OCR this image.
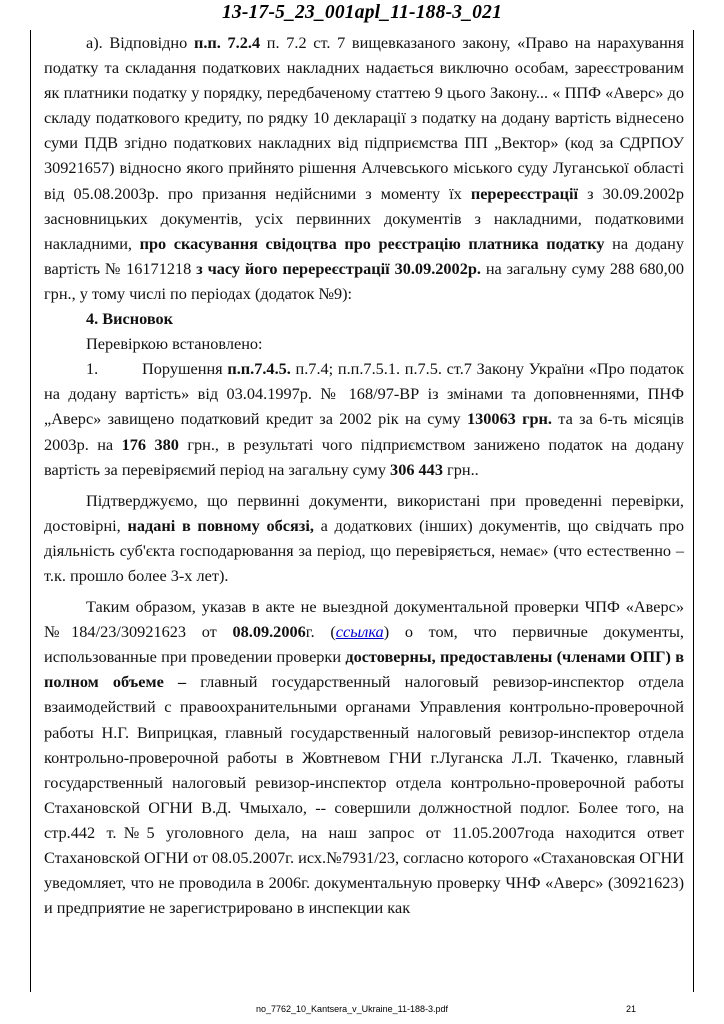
13-17-5_23_001apl_11-188-3_021

а). Відповідно п.п. 7.2.4 п. 7.2 ст. 7 вищевказаного закону, «Право на нарахування податку та складання податкових накладних надається виключно особам, зареєстрованим як платники податку у порядку, передбаченому статтею 9 цього Закону... « ППФ «Аверс» до складу податкового кредиту, по рядку 10 декларації з податку на додану вартість віднесено суми ПДВ згідно податкових накладних від підприємства ПП „Вектор» (код за СДРПОУ 30921657) відносно якого прийнято рішення Алчевського міського суду Луганської області від 05.08.2003р. про призання недійсними з моменту їх перереєстрації з 30.09.2002р засновницьких документів, усіх первинних документів з накладними, податковими накладними, про скасування свідоцтва про реєстрацію платника податку на додану вартість № 16171218 з часу його перереєстрації 30.09.2002р. на загальну суму 288 680,00 грн., у тому числі по періодах (додаток №9):

4. Висновок

Перевіркою встановлено:

1.	Порушення п.п.7.4.5. п.7.4; п.п.7.5.1. п.7.5. ст.7 Закону України «Про податок на додану вартість» від 03.04.1997р. № 168/97-ВР із змінами та доповненнями, ПНФ „Аверс» завищено податковий кредит за 2002 рік на суму 130063 грн. та за 6-ть місяців 2003р. на 176 380 грн., в результаті чого підприємством занижено податок на додану вартість за перевіряємий період на загальну суму 306 443 грн..

Підтверджуємо, що первинні документи, використані при проведенні перевірки, достовірні, надані в повному обсязі, а додаткових (інших) документів, що свідчать про діяльність суб'єкта господарювання за період, що перевіряється, немає» (что естественно – т.к. прошло более 3-х лет).

Таким образом, указав в акте не выездной документальной проверки ЧПФ «Аверс» №184/23/30921623 от 08.09.2006г. (ссылка) о том, что первичные документы, использованные при проведении проверки достоверны, предоставлены (членами ОПГ) в полном объеме – главный государственный налоговый ревизор-инспектор отдела взаимодействий с правоохранительными органами Управления контрольно-проверочной работы Н.Г. Виприцкая, главный государственный налоговый ревизор-инспектор отдела контрольно-проверочной работы в Жовтневом ГНИ г.Луганска Л.Л. Ткаченко, главный государственный налоговый ревизор-инспектор отдела контрольно-проверочной работы Стахановской ОГНИ В.Д. Чмыхало, -- совершили должностной подлог. Более того, на стр.442 т.№5 уголовного дела, на наш запрос от 11.05.2007года находится ответ Стахановской ОГНИ от 08.05.2007г. исх.№7931/23, согласно которого «Стахановская ОГНИ уведомляет, что не проводила в 2006г. документальную проверку ЧНФ «Аверс» (30921623) и предприятие не зарегистрировано в инспекции как

no_7762_10_Kantsera_v_Ukraine_11-188-3.pdf	21
